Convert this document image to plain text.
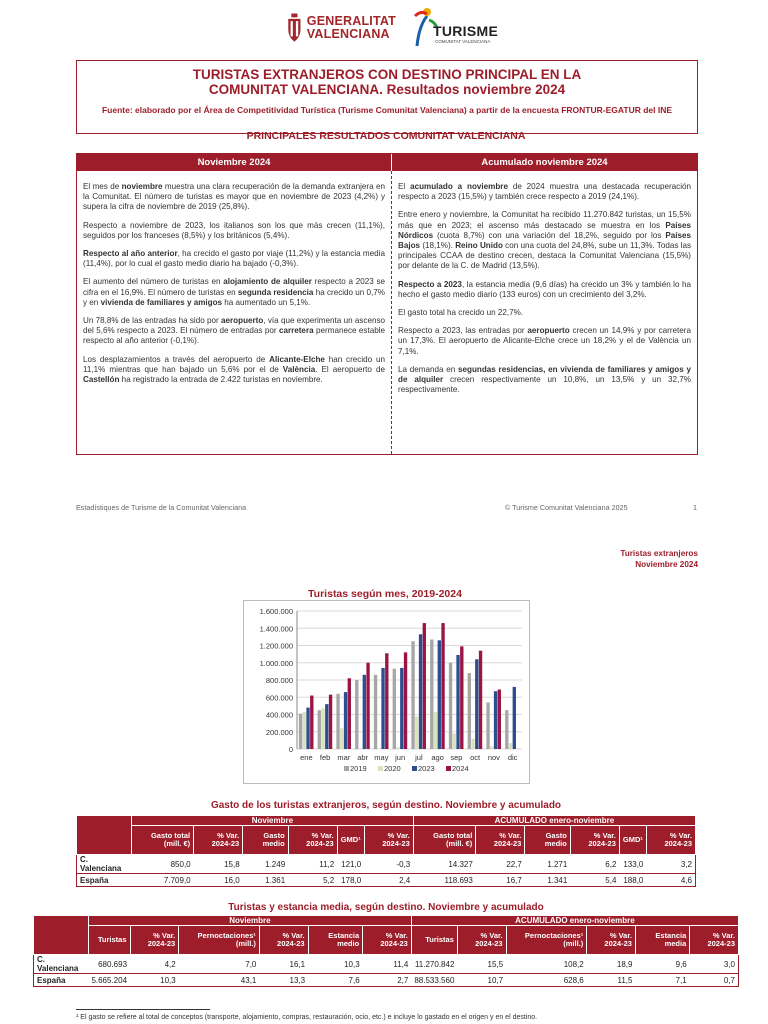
GENERALITAT
VALENCIANA	TURISME
COMUNITAT VALENCIANA
TURISTAS EXTRANJEROS CON DESTINO PRINCIPAL EN LA
COMUNITAT VALENCIANA. Resultados noviembre 2024
Fuente: elaborado por el Área de Competitividad Turística (Turisme Comunitat Valenciana) a partir de la encuesta FRONTUR-EGATUR del INE
PRINCIPALES RESULTADOS COMUNITAT VALENCIANA
Noviembre 2024	Acumulado noviembre 2024

El mes de noviembre muestra una clara recuperación de la demanda extranjera en la Comunitat. El número de turistas es mayor que en noviembre de 2023 (4,2%) y supera la cifra de noviembre de 2019 (25,8%).

Respecto a noviembre de 2023, los italianos son los que más crecen (11,1%), seguidos por los franceses (8,5%) y los británicos (5,4%).

Respecto al año anterior, ha crecido el gasto por viaje (11,2%) y la estancia media (11,4%), por lo cual el gasto medio diario ha bajado (-0,3%).

El aumento del número de turistas en alojamiento de alquiler respecto a 2023 se cifra en el 16,9%. El número de turistas en segunda residencia ha crecido un 0,7% y en vivienda de familiares y amigos ha aumentado un 5,1%.

Un 78,8% de las entradas ha sido por aeropuerto, vía que experimenta un ascenso del 5,6% respecto a 2023. El número de entradas por carretera permanece estable respecto al año anterior (-0,1%).

Los desplazamientos a través del aeropuerto de Alicante-Elche han crecido un 11,1% mientras que han bajado un 5,6% por el de València. El aeropuerto de Castellón ha registrado la entrada de 2.422 turistas en noviembre.

El acumulado a noviembre de 2024 muestra una destacada recuperación respecto a 2023 (15,5%) y también crece respecto a 2019 (24,1%).

Entre enero y noviembre, la Comunitat ha recibido 11.270.842 turistas, un 15,5% más que en 2023; el ascenso más destacado se muestra en los Países Nórdicos (cuota 8,7%) con una variación del 18,2%, seguido por los Países Bajos (18,1%). Reino Unido con una cuota del 24,8%, sube un 11,3%. Todas las principales CCAA de destino crecen, destaca la Comunitat Valenciana (15,5%) por delante de la C. de Madrid (13,5%).

Respecto a 2023, la estancia media (9,6 días) ha crecido un 3% y también lo ha hecho el gasto medio diario (133 euros) con un crecimiento del 3,2%.

El gasto total ha crecido un 22,7%.

Respecto a 2023, las entradas por aeropuerto crecen un 14,9% y por carretera un 17,3%. El aeropuerto de Alicante-Elche crece un 18,2% y el de València un 7,1%.

La demanda en segundas residencias, en vivienda de familiares y amigos y de alquiler crecen respectivamente un 10,8%, un 13,5% y un 32,7% respectivamente.

Estadístiques de Turisme de la Comunitat Valenciana	© Turisme Comunitat Valenciana 2025	1
Turistas extranjeros
Noviembre 2024
Turistas según mes, 2019-2024
0
200.000
400.000
600.000
800.000
1.000.000
1.200.000
1.400.000
1.600.000
ene feb mar abr may jun jul ago sep oct nov dic
2019 2020 2023 2024
Gasto de los turistas extranjeros, según destino. Noviembre y acumulado
	Noviembre						ACUMULADO enero-noviembre					
	Gasto total (mill. €)	% Var. 2024-23	Gasto medio	% Var. 2024-23	GMD¹	% Var. 2024-23	Gasto total (mill. €)	% Var. 2024-23	Gasto medio	% Var. 2024-23	GMD¹	% Var. 2024-23
C. Valenciana	850,0	15,8	1.249	11,2	121,0	-0,3	14.327	22,7	1.271	6,2	133,0	3,2
España	7.709,0	16,0	1.361	5,2	178,0	2,4	118.693	16,7	1.341	5,4	188,0	4,6
Turistas y estancia media, según destino. Noviembre y acumulado
	Noviembre						ACUMULADO enero-noviembre					
	Turistas	% Var. 2024-23	Pernoctaciones¹ (mill.)	% Var. 2024-23	Estancia medio	% Var. 2024-23	Turistas	% Var. 2024-23	Pernoctaciones¹ (mill.)	% Var. 2024-23	Estancia media	% Var. 2024-23
C. Valenciana	680.693	4,2	7,0	16,1	10,3	11,4	11.270.842	15,5	108,2	18,9	9,6	3,0
España	5.665.204	10,3	43,1	13,3	7,6	2,7	88.533.560	10,7	628,6	11,5	7,1	0,7
¹ El gasto se refiere al total de conceptos (transporte, alojamiento, compras, restauración, ocio, etc.) e incluye lo gastado en el origen y en el destino.
